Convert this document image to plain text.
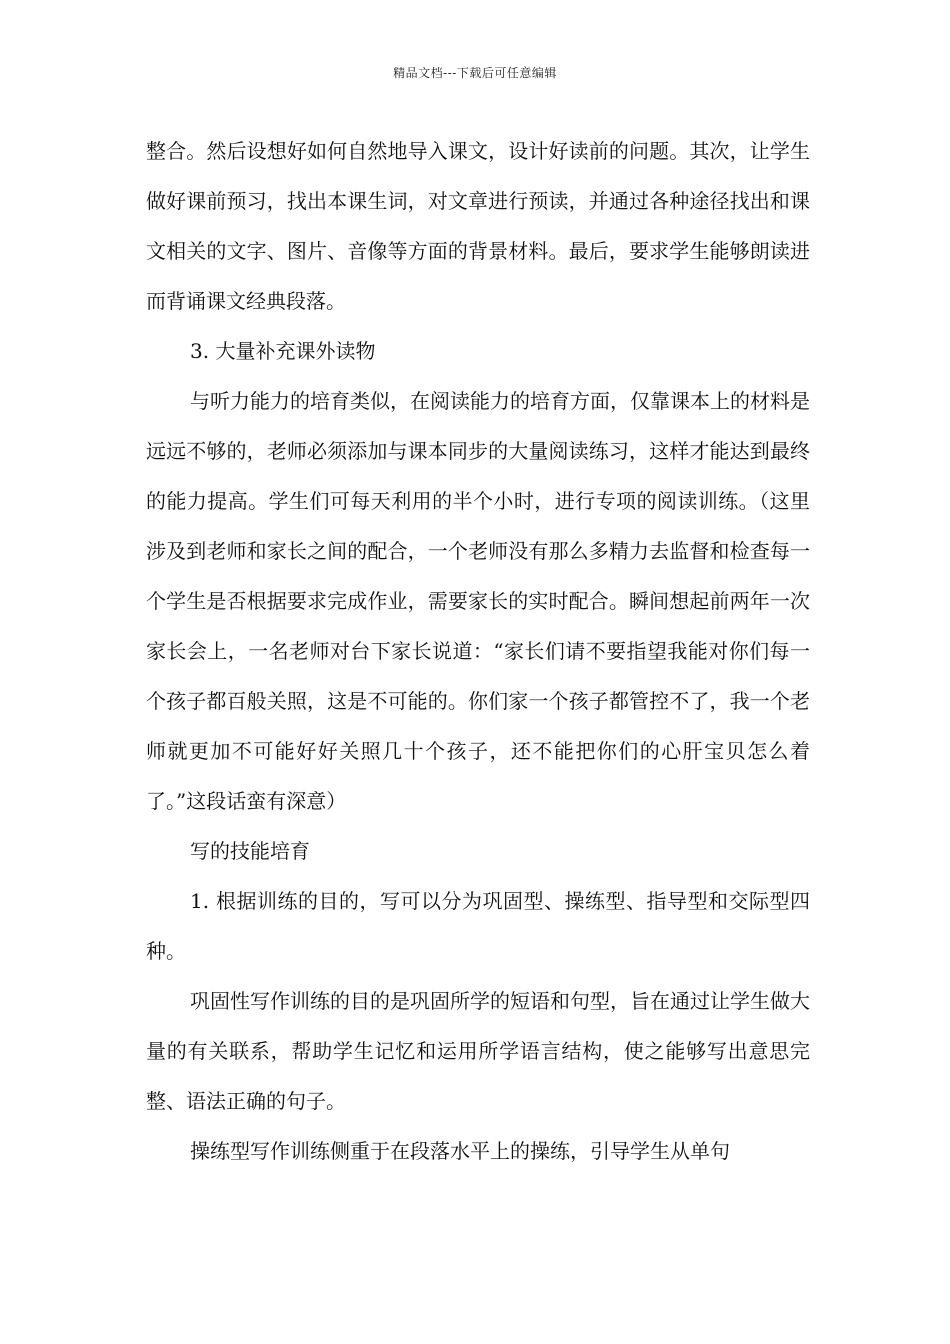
精品文档---下载后可任意编辑

整合。然后设想好如何自然地导入课文，设计好读前的问题。其次，让学生做好课前预习，找出本课生词，对文章进行预读，并通过各种途径找出和课文相关的文字、图片、音像等方面的背景材料。最后，要求学生能够朗读进而背诵课文经典段落。

3. 大量补充课外读物

与听力能力的培育类似，在阅读能力的培育方面，仅靠课本上的材料是远远不够的，老师必须添加与课本同步的大量阅读练习，这样才能达到最终的能力提高。学生们可每天利用的半个小时，进行专项的阅读训练。（这里涉及到老师和家长之间的配合，一个老师没有那么多精力去监督和检查每一个学生是否根据要求完成作业，需要家长的实时配合。瞬间想起前两年一次家长会上，一名老师对台下家长说道：“家长们请不要指望我能对你们每一个孩子都百般关照，这是不可能的。你们家一个孩子都管控不了，我一个老师就更加不可能好好关照几十个孩子，还不能把你们的心肝宝贝怎么着了。”这段话蛮有深意）

写的技能培育

1. 根据训练的目的，写可以分为巩固型、操练型、指导型和交际型四种。

巩固性写作训练的目的是巩固所学的短语和句型，旨在通过让学生做大量的有关联系，帮助学生记忆和运用所学语言结构，使之能够写出意思完整、语法正确的句子。

操练型写作训练侧重于在段落水平上的操练，引导学生从单句
